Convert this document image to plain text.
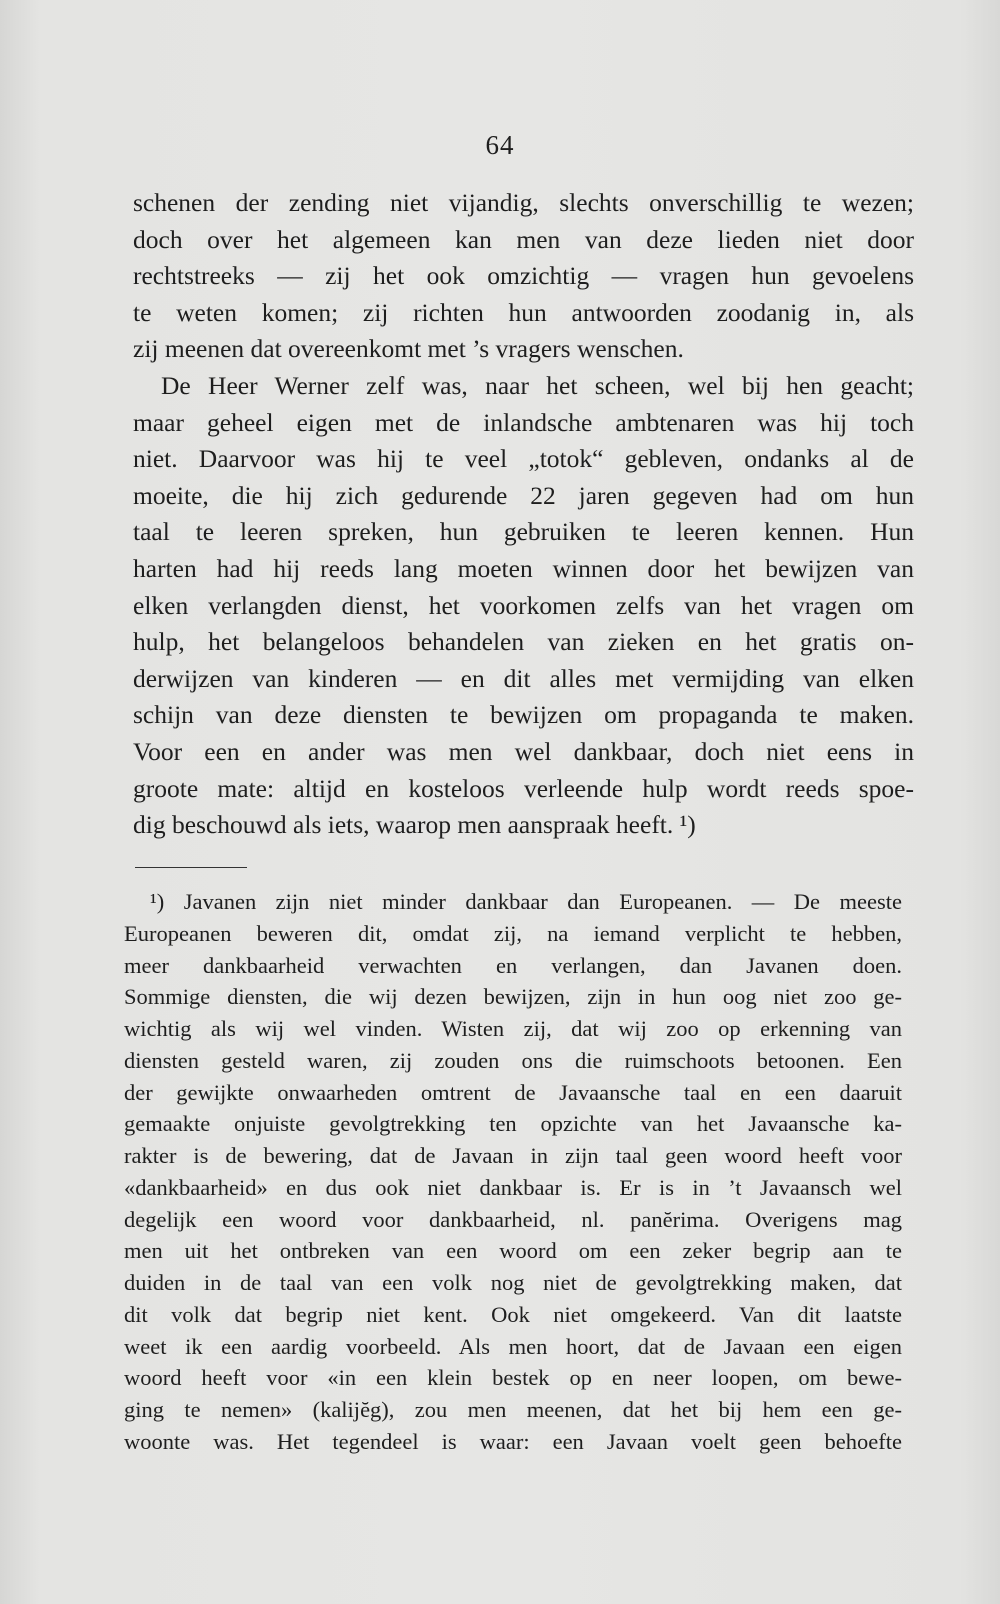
64
schenen der zending niet vijandig, slechts onverschillig te wezen;
doch over het algemeen kan men van deze lieden niet door
rechtstreeks — zij het ook omzichtig — vragen hun gevoelens
te weten komen; zij richten hun antwoorden zoodanig in, als
zij meenen dat overeenkomt met ’s vragers wenschen.
De Heer Werner zelf was, naar het scheen, wel bij hen geacht;
maar geheel eigen met de inlandsche ambtenaren was hij toch
niet. Daarvoor was hij te veel „totok“ gebleven, ondanks al de
moeite, die hij zich gedurende 22 jaren gegeven had om hun
taal te leeren spreken, hun gebruiken te leeren kennen. Hun
harten had hij reeds lang moeten winnen door het bewijzen van
elken verlangden dienst, het voorkomen zelfs van het vragen om
hulp, het belangeloos behandelen van zieken en het gratis on-
derwijzen van kinderen — en dit alles met vermijding van elken
schijn van deze diensten te bewijzen om propaganda te maken.
Voor een en ander was men wel dankbaar, doch niet eens in
groote mate: altijd en kosteloos verleende hulp wordt reeds spoe-
dig beschouwd als iets, waarop men aanspraak heeft. ¹)
¹) Javanen zijn niet minder dankbaar dan Europeanen. — De meeste
Europeanen beweren dit, omdat zij, na iemand verplicht te hebben,
meer dankbaarheid verwachten en verlangen, dan Javanen doen.
Sommige diensten, die wij dezen bewijzen, zijn in hun oog niet zoo ge-
wichtig als wij wel vinden. Wisten zij, dat wij zoo op erkenning van
diensten gesteld waren, zij zouden ons die ruimschoots betoonen. Een
der gewijkte onwaarheden omtrent de Javaansche taal en een daaruit
gemaakte onjuiste gevolgtrekking ten opzichte van het Javaansche ka-
rakter is de bewering, dat de Javaan in zijn taal geen woord heeft voor
«dankbaarheid» en dus ook niet dankbaar is. Er is in ’t Javaansch wel
degelijk een woord voor dankbaarheid, nl. panĕrima. Overigens mag
men uit het ontbreken van een woord om een zeker begrip aan te
duiden in de taal van een volk nog niet de gevolgtrekking maken, dat
dit volk dat begrip niet kent. Ook niet omgekeerd. Van dit laatste
weet ik een aardig voorbeeld. Als men hoort, dat de Javaan een eigen
woord heeft voor «in een klein bestek op en neer loopen, om bewe-
ging te nemen» (kalijĕg), zou men meenen, dat het bij hem een ge-
woonte was. Het tegendeel is waar: een Javaan voelt geen behoefte
